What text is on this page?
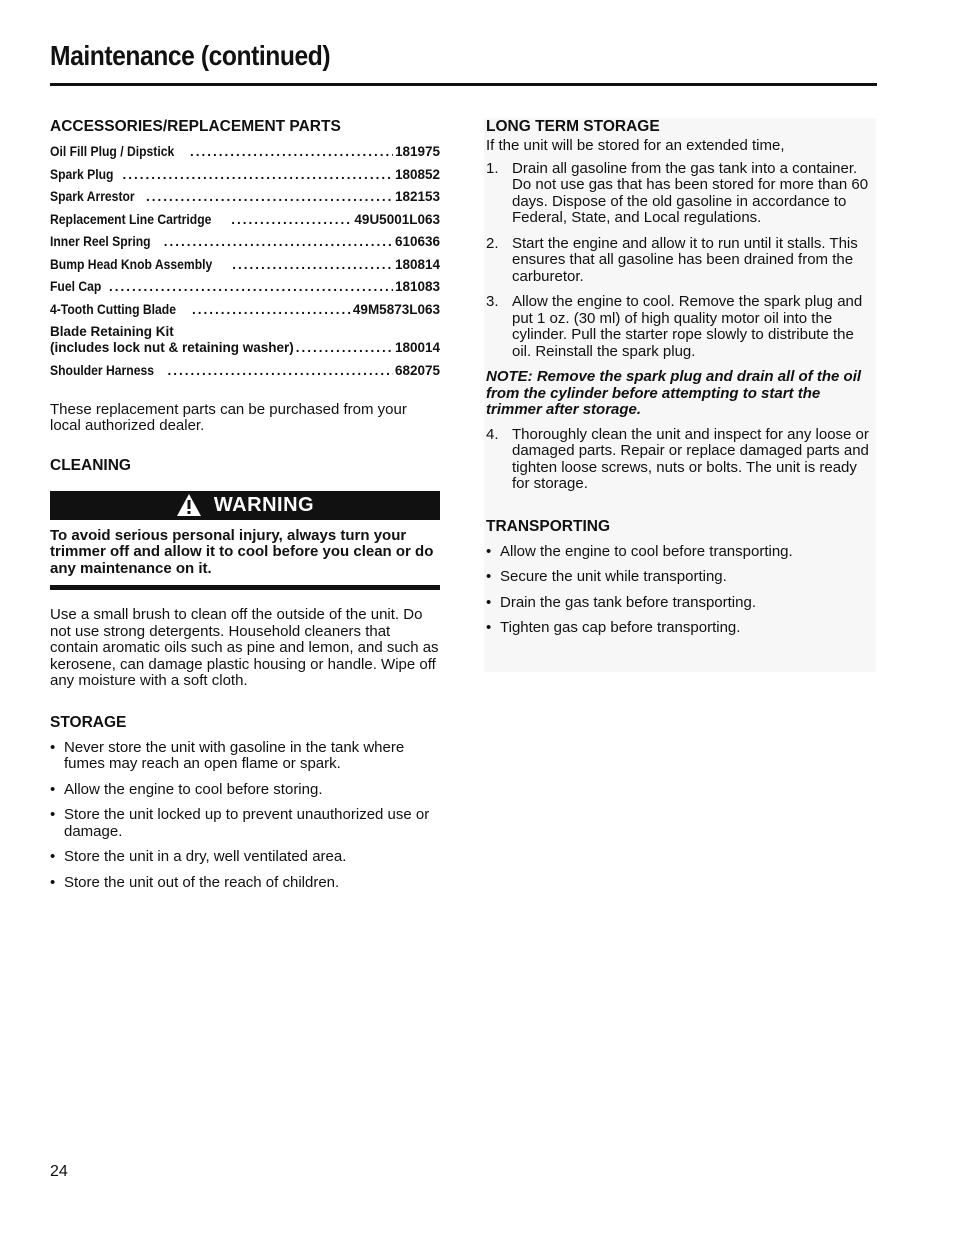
Maintenance (continued)
ACCESSORIES/REPLACEMENT PARTS
Oil Fill Plug / Dipstick .....	181975
Spark Plug .....	180852
Spark Arrestor .....	182153
Replacement Line Cartridge .....	49U5001L063
Inner Reel Spring .....	610636
Bump Head Knob Assembly .....	180814
Fuel Cap .....	181083
4-Tooth Cutting Blade .....	49M5873L063
Blade Retaining Kit
(includes lock nut & retaining washer) .....	180014
Shoulder Harness .....	682075

These replacement parts can be purchased from your local authorized dealer.

CLEANING
WARNING

To avoid serious personal injury, always turn your trimmer off and allow it to cool before you clean or do any maintenance on it.

Use a small brush to clean off the outside of the unit. Do not use strong detergents. Household cleaners that contain aromatic oils such as pine and lemon, and such as kerosene, can damage plastic housing or handle. Wipe off any moisture with a soft cloth.

STORAGE
• Never store the unit with gasoline in the tank where fumes may reach an open flame or spark.
• Allow the engine to cool before storing.
• Store the unit locked up to prevent unauthorized use or damage.
• Store the unit in a dry, well ventilated area.
• Store the unit out of the reach of children.
LONG TERM STORAGE

If the unit will be stored for an extended time,

1. Drain all gasoline from the gas tank into a container. Do not use gas that has been stored for more than 60 days. Dispose of the old gasoline in accordance to Federal, State, and Local regulations.
2. Start the engine and allow it to run until it stalls. This ensures that all gasoline has been drained from the carburetor.
3. Allow the engine to cool. Remove the spark plug and put 1 oz. (30 ml) of high quality motor oil into the cylinder. Pull the starter rope slowly to distribute the oil. Reinstall the spark plug.

NOTE: Remove the spark plug and drain all of the oil from the cylinder before attempting to start the trimmer after storage.

4. Thoroughly clean the unit and inspect for any loose or damaged parts. Repair or replace damaged parts and tighten loose screws, nuts or bolts. The unit is ready for storage.
TRANSPORTING
• Allow the engine to cool before transporting.
• Secure the unit while transporting.
• Drain the gas tank before transporting.
• Tighten gas cap before transporting.
24
